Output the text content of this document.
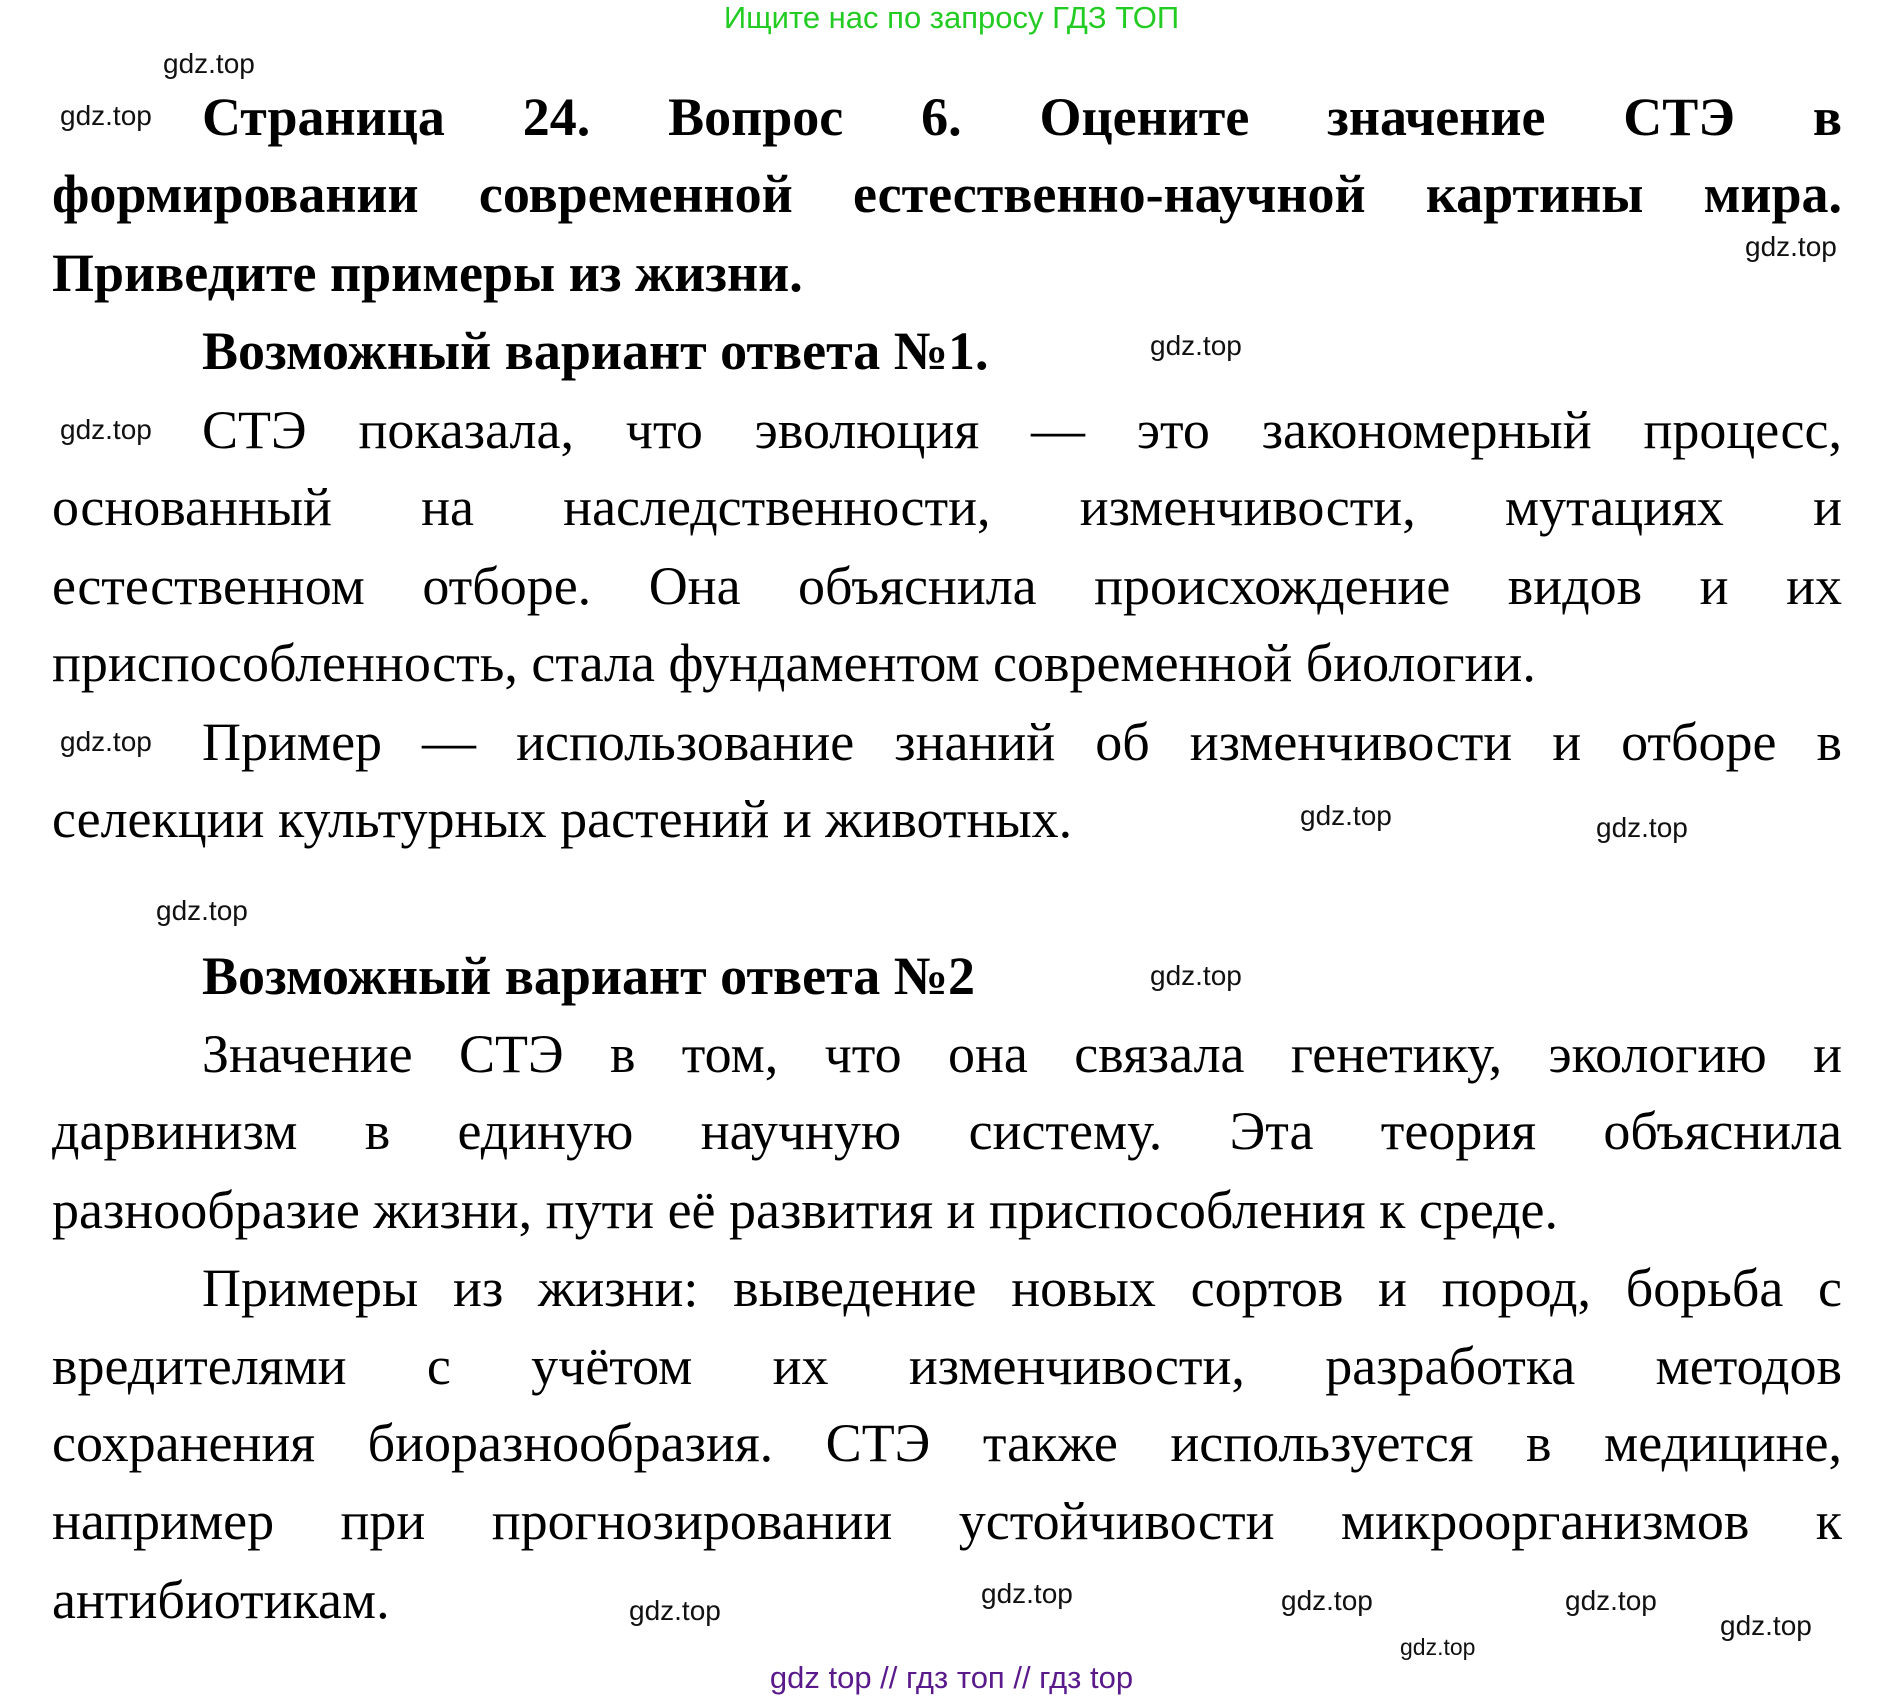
Ищите нас по запросу ГДЗ ТОП
Страница 24. Вопрос 6. Оцените значение СТЭ в
формировании современной естественно-научной картины мира.
Приведите примеры из жизни.
Возможный вариант ответа №1.
СТЭ показала, что эволюция — это закономерный процесс,
основанный на наследственности, изменчивости, мутациях и
естественном отборе. Она объяснила происхождение видов и их
приспособленность, стала фундаментом современной биологии.
Пример — использование знаний об изменчивости и отборе в
селекции культурных растений и животных.
Возможный вариант ответа №2
Значение СТЭ в том, что она связала генетику, экологию и
дарвинизм в единую научную систему. Эта теория объяснила
разнообразие жизни, пути её развития и приспособления к среде.
Примеры из жизни: выведение новых сортов и пород, борьба с
вредителями с учётом их изменчивости, разработка методов
сохранения биоразнообразия. СТЭ также используется в медицине,
например при прогнозировании устойчивости микроорганизмов к
антибиотикам.
gdz.top
gdz.top
gdz.top
gdz.top
gdz.top
gdz.top
gdz.top	gdz.top
gdz.top
gdz.top
gdz.top
gdz.top
gdz.top
gdz.top
gdz.top
gdz.top
gdz top // гдз топ // гдз top
